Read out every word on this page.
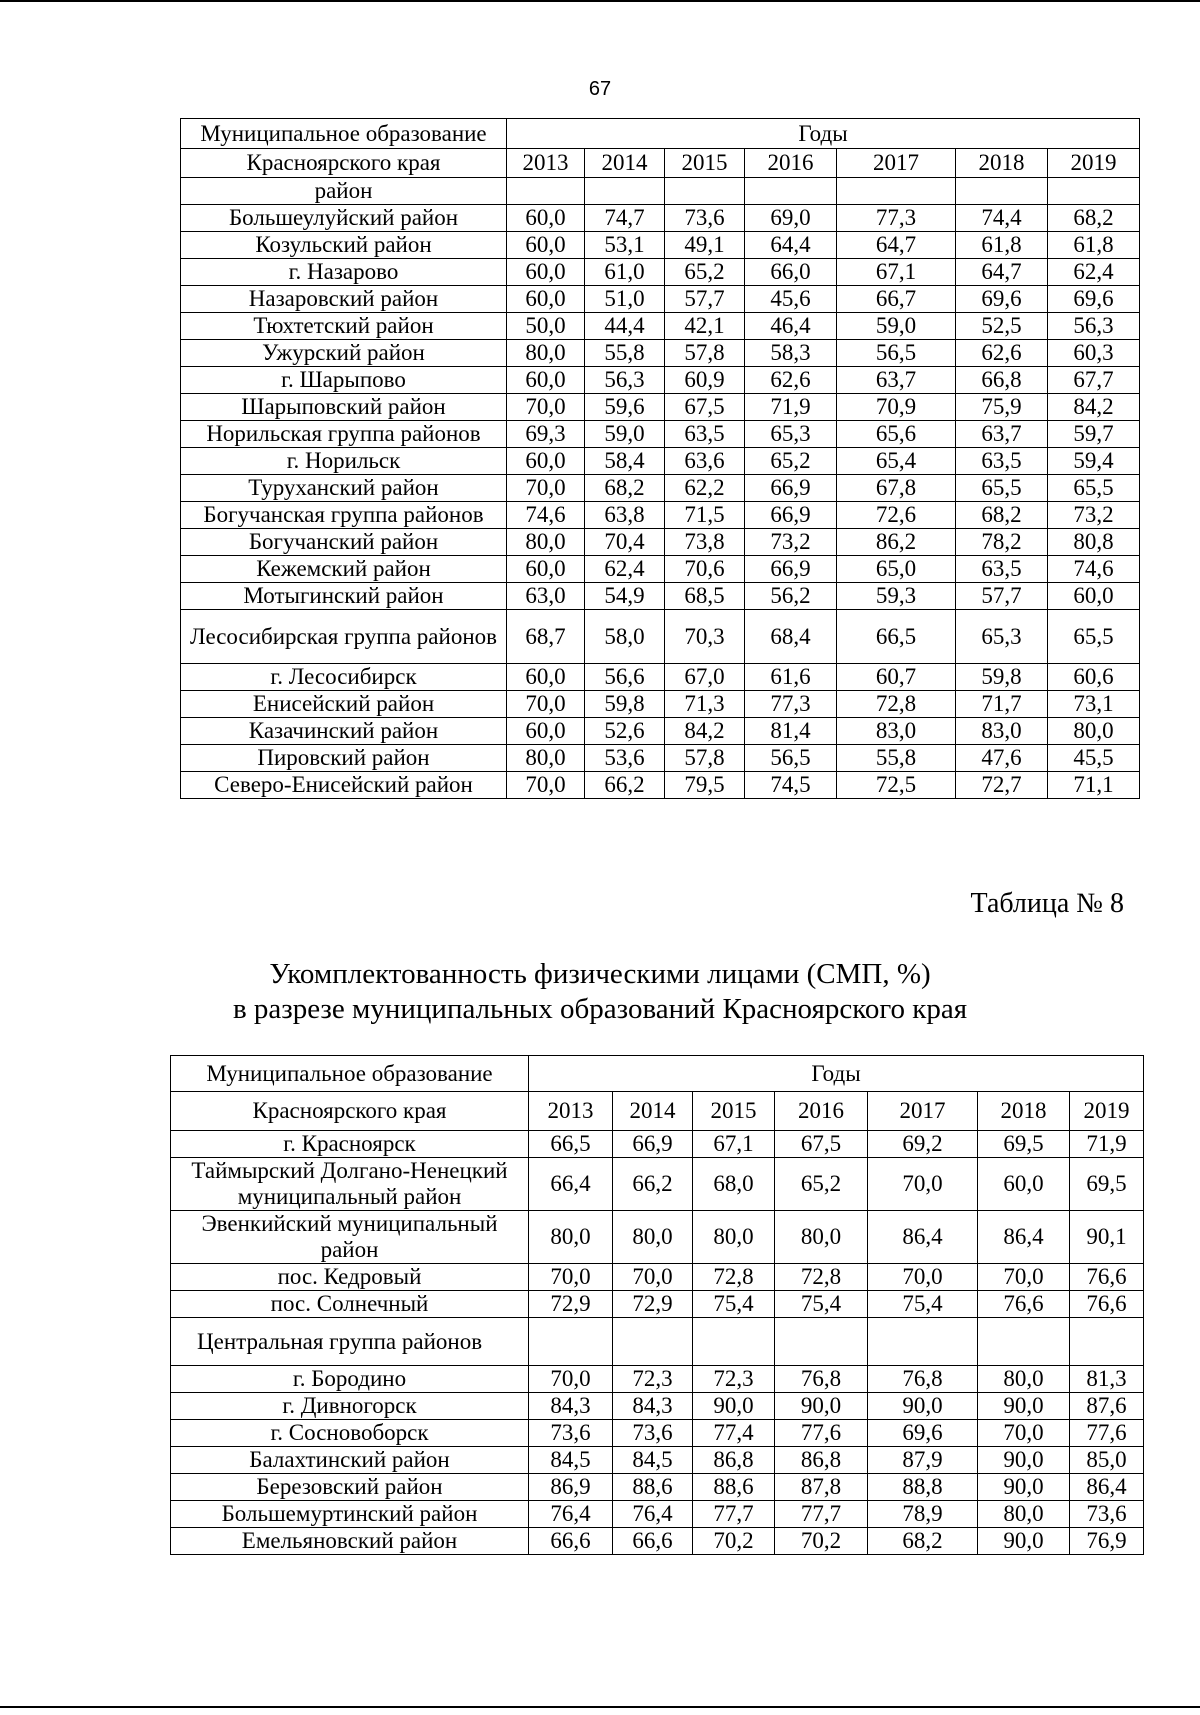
67
Муниципальное образование	Годы						
Красноярского края	2013	2014	2015	2016	2017	2018	2019
район							
Большеулуйский район	60,0	74,7	73,6	69,0	77,3	74,4	68,2
Козульский район	60,0	53,1	49,1	64,4	64,7	61,8	61,8
г. Назарово	60,0	61,0	65,2	66,0	67,1	64,7	62,4
Назаровский район	60,0	51,0	57,7	45,6	66,7	69,6	69,6
Тюхтетский район	50,0	44,4	42,1	46,4	59,0	52,5	56,3
Ужурский район	80,0	55,8	57,8	58,3	56,5	62,6	60,3
г. Шарыпово	60,0	56,3	60,9	62,6	63,7	66,8	67,7
Шарыповский район	70,0	59,6	67,5	71,9	70,9	75,9	84,2
Норильская группа районов	69,3	59,0	63,5	65,3	65,6	63,7	59,7
г. Норильск	60,0	58,4	63,6	65,2	65,4	63,5	59,4
Туруханский район	70,0	68,2	62,2	66,9	67,8	65,5	65,5
Богучанская группа районов	74,6	63,8	71,5	66,9	72,6	68,2	73,2
Богучанский район	80,0	70,4	73,8	73,2	86,2	78,2	80,8
Кежемский район	60,0	62,4	70,6	66,9	65,0	63,5	74,6
Мотыгинский район	63,0	54,9	68,5	56,2	59,3	57,7	60,0
Лесосибирская группа районов	68,7	58,0	70,3	68,4	66,5	65,3	65,5
г. Лесосибирск	60,0	56,6	67,0	61,6	60,7	59,8	60,6
Енисейский район	70,0	59,8	71,3	77,3	72,8	71,7	73,1
Казачинский район	60,0	52,6	84,2	81,4	83,0	83,0	80,0
Пировский район	80,0	53,6	57,8	56,5	55,8	47,6	45,5
Северо-Енисейский район	70,0	66,2	79,5	74,5	72,5	72,7	71,1
Таблица № 8
Укомплектованность физическими лицами (СМП, %)
в разрезе муниципальных образований Красноярского края
Муниципальное образование	Годы						
Красноярского края	2013	2014	2015	2016	2017	2018	2019
г. Красноярск	66,5	66,9	67,1	67,5	69,2	69,5	71,9
Таймырский Долгано-Ненецкий муниципальный район	66,4	66,2	68,0	65,2	70,0	60,0	69,5
Эвенкийский муниципальный район	80,0	80,0	80,0	80,0	86,4	86,4	90,1
пос. Кедровый	70,0	70,0	72,8	72,8	70,0	70,0	76,6
пос. Солнечный	72,9	72,9	75,4	75,4	75,4	76,6	76,6
Центральная группа районов							
г. Бородино	70,0	72,3	72,3	76,8	76,8	80,0	81,3
г. Дивногорск	84,3	84,3	90,0	90,0	90,0	90,0	87,6
г. Сосновоборск	73,6	73,6	77,4	77,6	69,6	70,0	77,6
Балахтинский район	84,5	84,5	86,8	86,8	87,9	90,0	85,0
Березовский район	86,9	88,6	88,6	87,8	88,8	90,0	86,4
Большемуртинский район	76,4	76,4	77,7	77,7	78,9	80,0	73,6
Емельяновский район	66,6	66,6	70,2	70,2	68,2	90,0	76,9
